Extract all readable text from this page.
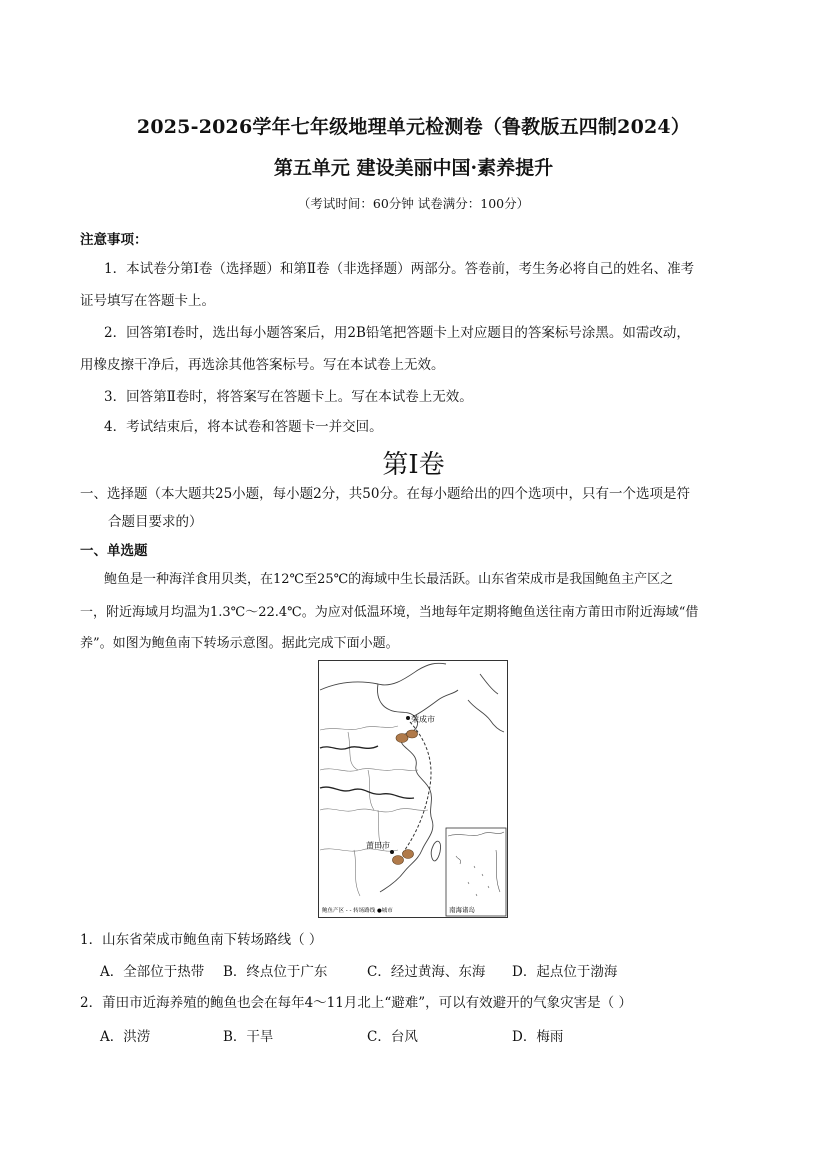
2025-2026学年七年级地理单元检测卷（鲁教版五四制2024）
第五单元 建设美丽中国·素养提升
（考试时间：60分钟 试卷满分：100分）
注意事项：
1．本试卷分第Ⅰ卷（选择题）和第Ⅱ卷（非选择题）两部分。答卷前，考生务必将自己的姓名、准考
证号填写在答题卡上。
2．回答第Ⅰ卷时，选出每小题答案后，用2B铅笔把答题卡上对应题目的答案标号涂黑。如需改动，
用橡皮擦干净后，再选涂其他答案标号。写在本试卷上无效。
3．回答第Ⅱ卷时，将答案写在答题卡上。写在本试卷上无效。
4．考试结束后，将本试卷和答题卡一并交回。
第Ⅰ卷
一、选择题（本大题共25小题，每小题2分，共50分。在每小题给出的四个选项中，只有一个选项是符
合题目要求的）
一、单选题
鲍鱼是一种海洋食用贝类，在12℃至25℃的海域中生长最活跃。山东省荣成市是我国鲍鱼主产区之
一，附近海域月均温为1.3℃～22.4℃。为应对低温环境，当地每年定期将鲍鱼送往南方莆田市附近海域“借
养”。如图为鲍鱼南下转场示意图。据此完成下面小题。
荣成市
莆田市
南海诸岛
鲍鱼产区 - - 转场路线 ●城市
1．山东省荣成市鲍鱼南下转场路线（ ）
A．全部位于热带 B．终点位于广东	C．经过黄海、东海 D．起点位于渤海
2．莆田市近海养殖的鲍鱼也会在每年4～11月北上“避难”，可以有效避开的气象灾害是（ ）
A．洪涝	B．干旱	C．台风	D．梅雨
